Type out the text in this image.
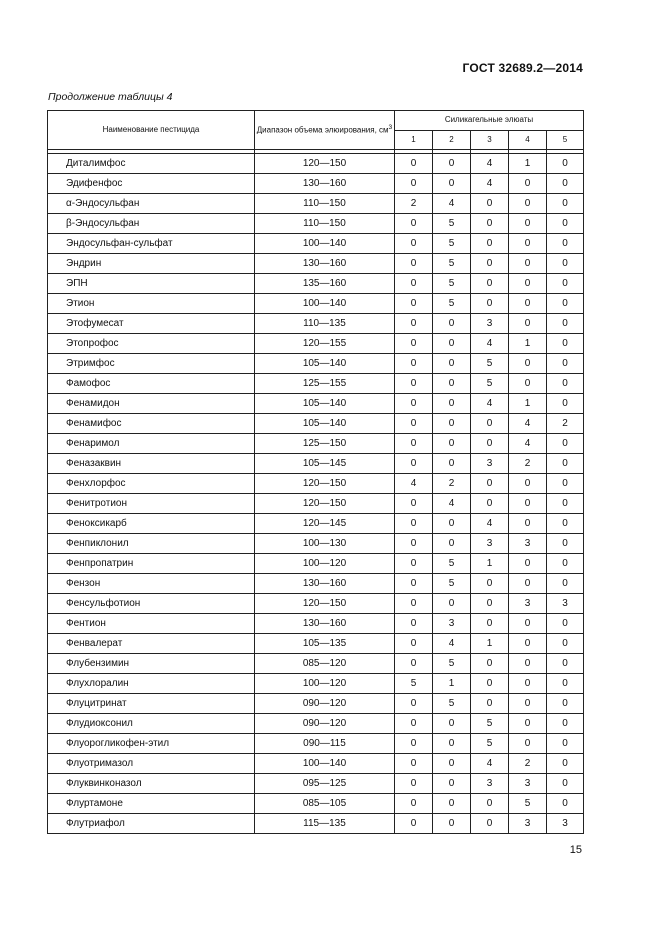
ГОСТ 32689.2—2014
Продолжение таблицы 4
Наименование пестицида	Диапазон объема элюирования, $см^3$	Силикагельные элюаты				
		1	2	3	4	5

Диталимфос	120—150	0	0	4	1	0
Эдифенфос	130—160	0	0	4	0	0
α-Эндосульфан	110—150	2	4	0	0	0
β-Эндосульфан	110—150	0	5	0	0	0
Эндосульфан-сульфат	100—140	0	5	0	0	0
Эндрин	130—160	0	5	0	0	0
ЭПН	135—160	0	5	0	0	0
Этион	100—140	0	5	0	0	0
Этофумесат	110—135	0	0	3	0	0
Этопрофос	120—155	0	0	4	1	0
Этримфос	105—140	0	0	5	0	0
Фамофос	125—155	0	0	5	0	0
Фенамидон	105—140	0	0	4	1	0
Фенамифос	105—140	0	0	0	4	2
Фенаримол	125—150	0	0	0	4	0
Феназаквин	105—145	0	0	3	2	0
Фенхлорфос	120—150	4	2	0	0	0
Фенитротион	120—150	0	4	0	0	0
Феноксикарб	120—145	0	0	4	0	0
Фенпиклонил	100—130	0	0	3	3	0
Фенпропатрин	100—120	0	5	1	0	0
Фензон	130—160	0	5	0	0	0
Фенсульфотион	120—150	0	0	0	3	3
Фентион	130—160	0	3	0	0	0
Фенвалерат	105—135	0	4	1	0	0
Флубензимин	085—120	0	5	0	0	0
Флухлоралин	100—120	5	1	0	0	0
Флуцитринат	090—120	0	5	0	0	0
Флудиоксонил	090—120	0	0	5	0	0
Флуорогликофен-этил	090—115	0	0	5	0	0
Флуотримазол	100—140	0	0	4	2	0
Флуквинконазол	095—125	0	0	3	3	0
Флуртамоне	085—105	0	0	0	5	0
Флутриафол	115—135	0	0	0	3	3
15
